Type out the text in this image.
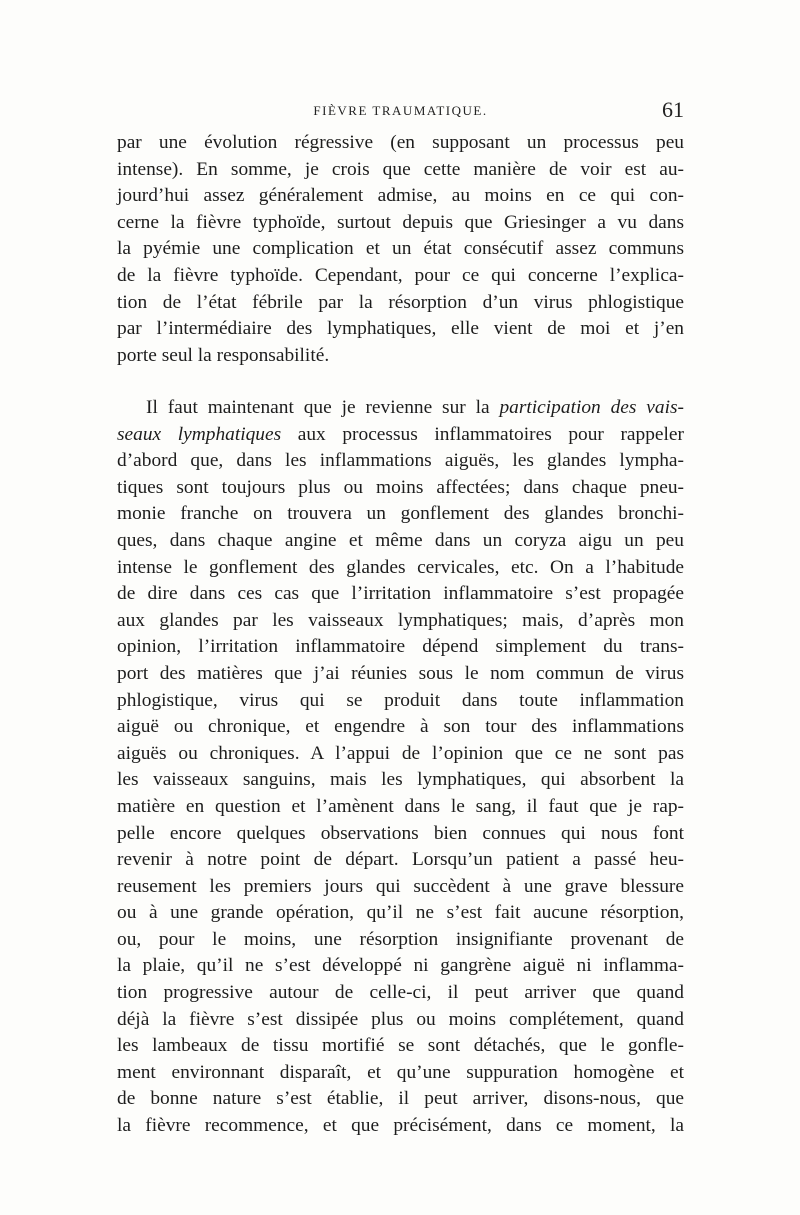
FIÈVRE TRAUMATIQUE.	61
par une évolution régressive (en supposant un processus peu
intense). En somme, je crois que cette manière de voir est au-
jourd’hui assez généralement admise, au moins en ce qui con-
cerne la fièvre typhoïde, surtout depuis que Griesinger a vu dans
la pyémie une complication et un état consécutif assez communs
de la fièvre typhoïde. Cependant, pour ce qui concerne l’explica-
tion de l’état fébrile par la résorption d’un virus phlogistique
par l’intermédiaire des lymphatiques, elle vient de moi et j’en
porte seul la responsabilité.
Il faut maintenant que je revienne sur la participation des vais-
seaux lymphatiques aux processus inflammatoires pour rappeler
d’abord que, dans les inflammations aiguës, les glandes lympha-
tiques sont toujours plus ou moins affectées; dans chaque pneu-
monie franche on trouvera un gonflement des glandes bronchi-
ques, dans chaque angine et même dans un coryza aigu un peu
intense le gonflement des glandes cervicales, etc. On a l’habitude
de dire dans ces cas que l’irritation inflammatoire s’est propagée
aux glandes par les vaisseaux lymphatiques; mais, d’après mon
opinion, l’irritation inflammatoire dépend simplement du trans-
port des matières que j’ai réunies sous le nom commun de virus
phlogistique, virus qui se produit dans toute inflammation
aiguë ou chronique, et engendre à son tour des inflammations
aiguës ou chroniques. A l’appui de l’opinion que ce ne sont pas
les vaisseaux sanguins, mais les lymphatiques, qui absorbent la
matière en question et l’amènent dans le sang, il faut que je rap-
pelle encore quelques observations bien connues qui nous font
revenir à notre point de départ. Lorsqu’un patient a passé heu-
reusement les premiers jours qui succèdent à une grave blessure
ou à une grande opération, qu’il ne s’est fait aucune résorption,
ou, pour le moins, une résorption insignifiante provenant de
la plaie, qu’il ne s’est développé ni gangrène aiguë ni inflamma-
tion progressive autour de celle-ci, il peut arriver que quand
déjà la fièvre s’est dissipée plus ou moins complétement, quand
les lambeaux de tissu mortifié se sont détachés, que le gonfle-
ment environnant disparaît, et qu’une suppuration homogène et
de bonne nature s’est établie, il peut arriver, disons-nous, que
la fièvre recommence, et que précisément, dans ce moment, la
